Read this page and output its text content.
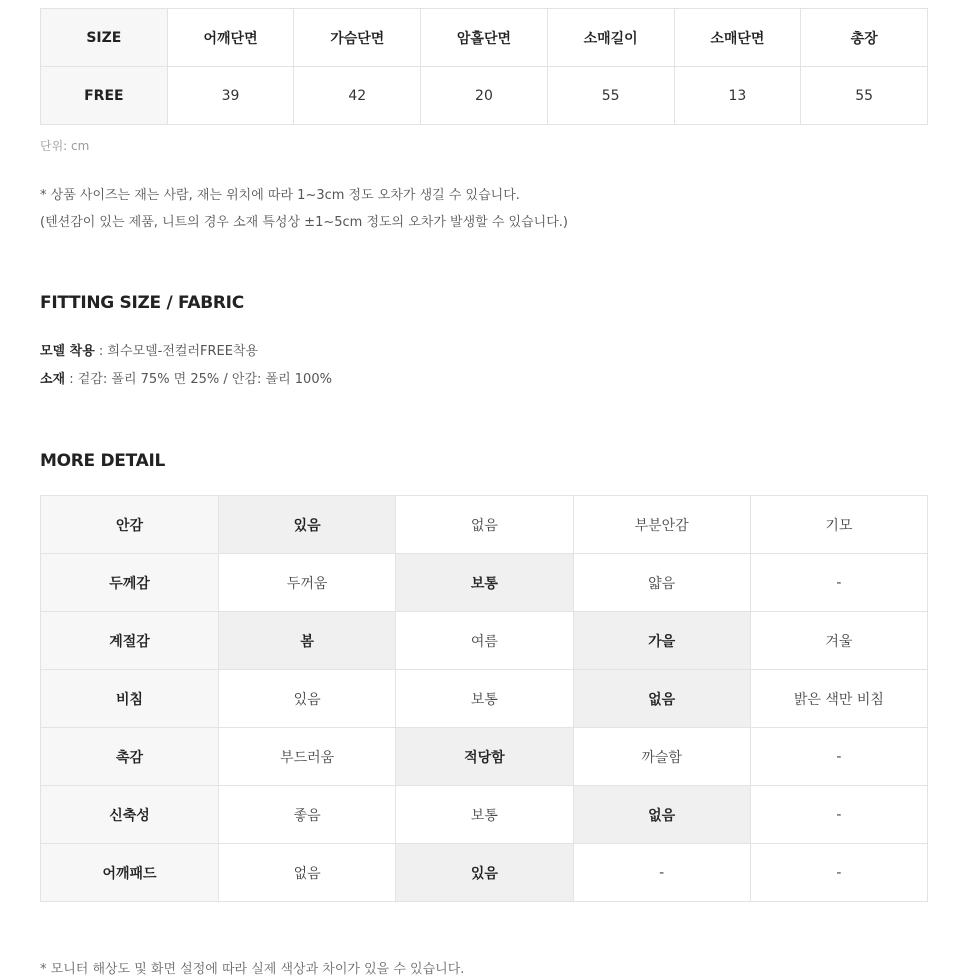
SIZE	어깨단면	가슴단면	암홀단면	소매길이	소매단면	총장
FREE	39	42	20	55	13	55
단위: cm
* 상품 사이즈는 재는 사람, 재는 위치에 따라 1~3cm 정도 오차가 생길 수 있습니다.
(텐션감이 있는 제품, 니트의 경우 소재 특성상 ±1~5cm 정도의 오차가 발생할 수 있습니다.)
FITTING SIZE / FABRIC
모델 착용 : 희수모델-전컬러FREE착용
소재 : 겉감: 폴리 75% 면 25% / 안감: 폴리 100%
MORE DETAIL
안감	있음	없음	부분안감	기모
두께감	두꺼움	보통	얇음	-
계절감	봄	여름	가을	겨울
비침	있음	보통	없음	밝은 색만 비침
촉감	부드러움	적당함	까슬함	-
신축성	좋음	보통	없음	-
어깨패드	없음	있음	-	-
* 모니터 해상도 및 화면 설정에 따라 실제 색상과 차이가 있을 수 있습니다.
